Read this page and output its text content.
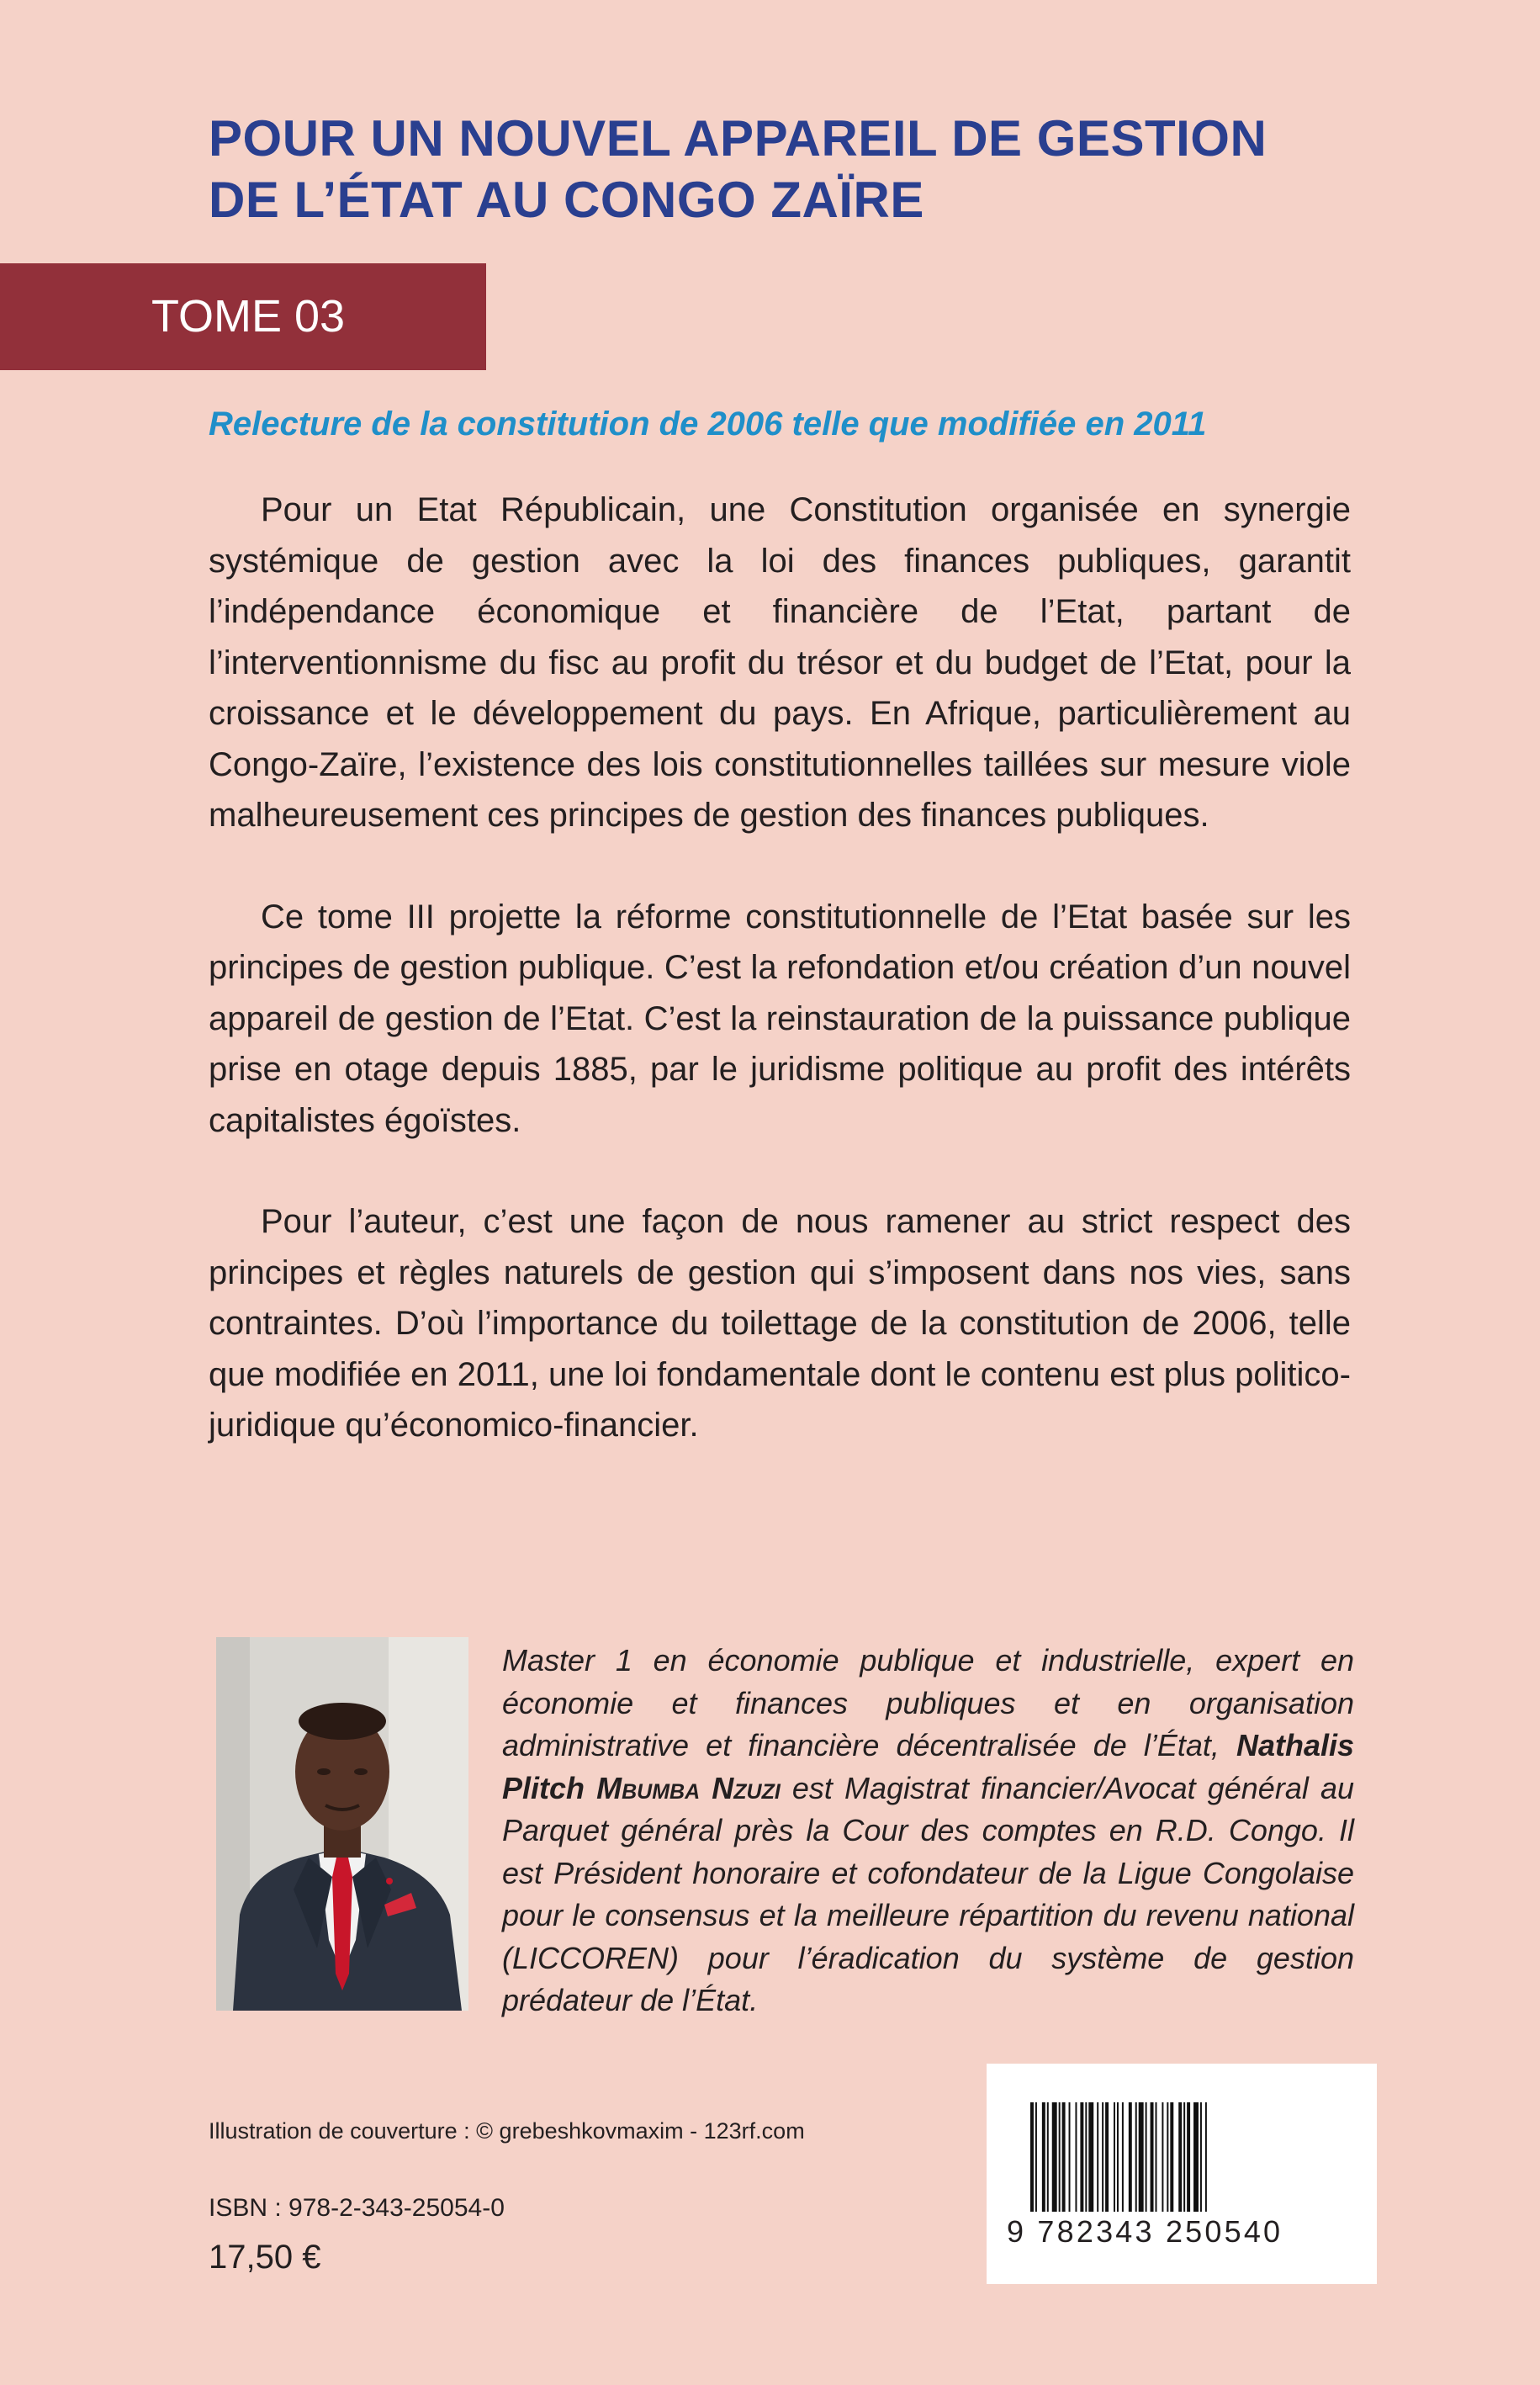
POUR UN NOUVEL APPAREIL DE GESTION
DE L’ÉTAT AU CONGO ZAÏRE
TOME 03
Relecture de la constitution de 2006 telle que modifiée en 2011

Pour un Etat Républicain, une Constitution organisée en synergie systémique de gestion avec la loi des finances publiques, garantit l’indépendance économique et financière de l’Etat, partant de l’interventionnisme du fisc au profit du trésor et du budget de l’Etat, pour la croissance et le développement du pays. En Afrique, particulièrement au Congo-Zaïre, l’existence des lois constitutionnelles taillées sur mesure viole malheureusement ces principes de gestion des finances publiques.

Ce tome III projette la réforme constitutionnelle de l’Etat basée sur les principes de gestion publique. C’est la refondation et/ou création d’un nouvel appareil de gestion de l’Etat. C’est la reinstauration de la puissance publique prise en otage depuis 1885, par le juridisme politique au profit des intérêts capitalistes égoïstes.

Pour l’auteur, c’est une façon de nous ramener au strict respect des principes et règles naturels de gestion qui s’imposent dans nos vies, sans contraintes. D’où l’importance du toilettage de la constitution de 2006, telle que modifiée en 2011, une loi fondamentale dont le contenu est plus politico-juridique qu’économico-financier.

Master 1 en économie publique et industrielle, expert en économie et finances publiques et en organisation administrative et financière décentralisée de l’État, Nathalis Plitch Mbumba Nzuzi est Magistrat financier/Avocat général au Parquet général près la Cour des comptes en R.D. Congo. Il est Président honoraire et cofondateur de la Ligue Congolaise pour le consensus et la meilleure répartition du revenu national (LICCOREN) pour l’éradication du système de gestion prédateur de l’État.
Illustration de couverture : © grebeshkovmaxim - 123rf.com
ISBN : 978-2-343-25054-0
17,50 €
9 782343 250540
